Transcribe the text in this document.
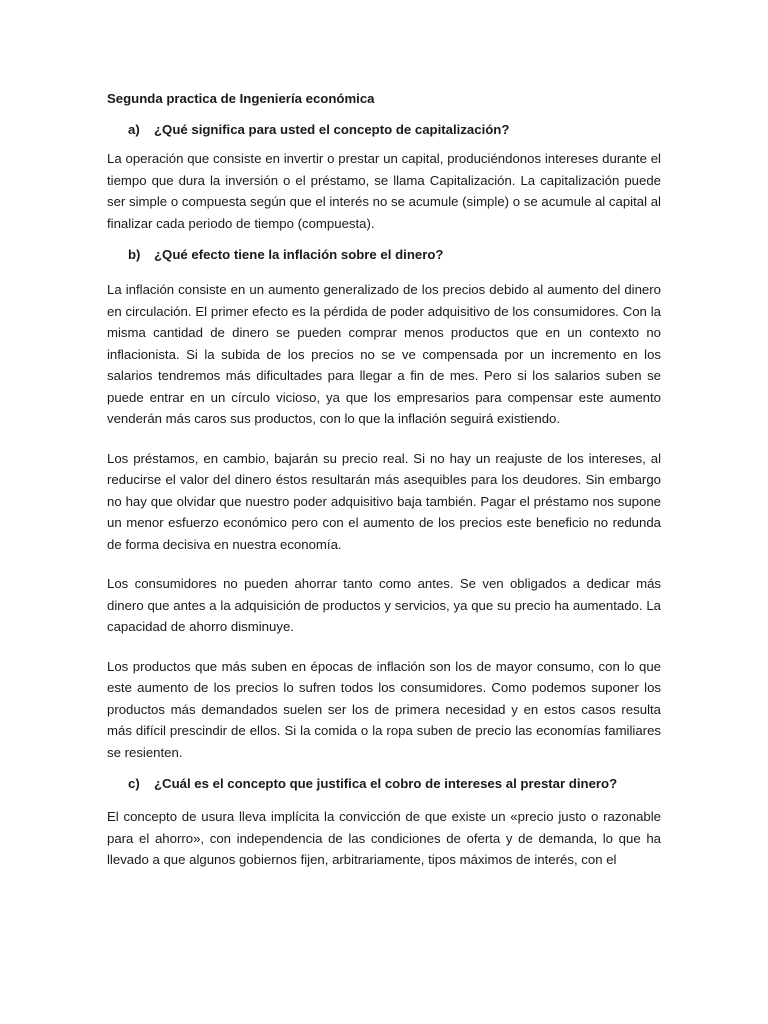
Segunda practica de Ingeniería económica
a)	¿Qué significa para usted el concepto de capitalización?

La operación que consiste en invertir o prestar un capital, produciéndonos intereses durante el tiempo que dura la inversión o el préstamo, se llama Capitalización. La capitalización puede ser simple o compuesta según que el interés no se acumule (simple) o se acumule al capital al finalizar cada periodo de tiempo (compuesta).

b)	¿Qué efecto tiene la inflación sobre el dinero?

La inflación consiste en un aumento generalizado de los precios debido al aumento del dinero en circulación. El primer efecto es la pérdida de poder adquisitivo de los consumidores. Con la misma cantidad de dinero se pueden comprar menos productos que en un contexto no inflacionista. Si la subida de los precios no se ve compensada por un incremento en los salarios tendremos más dificultades para llegar a fin de mes. Pero si los salarios suben se puede entrar en un círculo vicioso, ya que los empresarios para compensar este aumento venderán más caros sus productos, con lo que la inflación seguirá existiendo.

Los préstamos, en cambio, bajarán su precio real. Si no hay un reajuste de los intereses, al reducirse el valor del dinero éstos resultarán más asequibles para los deudores. Sin embargo no hay que olvidar que nuestro poder adquisitivo baja también. Pagar el préstamo nos supone un menor esfuerzo económico pero con el aumento de los precios este beneficio no redunda de forma decisiva en nuestra economía.

Los consumidores no pueden ahorrar tanto como antes. Se ven obligados a dedicar más dinero que antes a la adquisición de productos y servicios, ya que su precio ha aumentado. La capacidad de ahorro disminuye.

Los productos que más suben en épocas de inflación son los de mayor consumo, con lo que este aumento de los precios lo sufren todos los consumidores. Como podemos suponer los productos más demandados suelen ser los de primera necesidad y en estos casos resulta más difícil prescindir de ellos. Si la comida o la ropa suben de precio las economías familiares se resienten.

c)	¿Cuál es el concepto que justifica el cobro de intereses al prestar dinero?

El concepto de usura lleva implícita la convicción de que existe un «precio justo o razonable para el ahorro», con independencia de las condiciones de oferta y de demanda, lo que ha llevado a que algunos gobiernos fijen, arbitrariamente, tipos máximos de interés, con el
